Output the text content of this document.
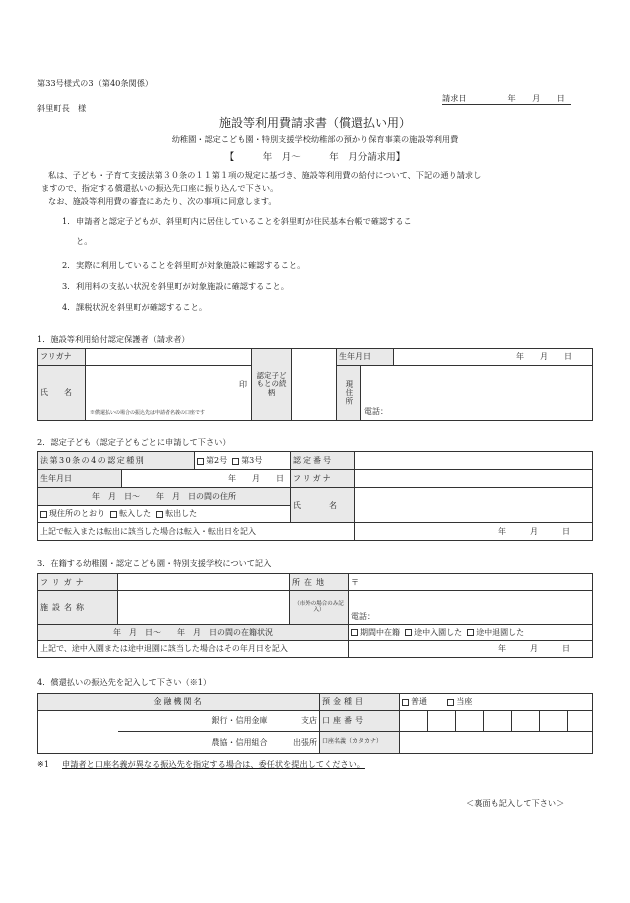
第33号様式の3（第40条関係）
請求日　　　　　年　　月　　日
斜里町長　様
施設等利用費請求書（償還払い用）
幼稚園・認定こども園・特別支援学校幼稚部の預かり保育事業の施設等利用費
【　　　年　月～　　　年　月分請求用】
私は、子ども・子育て支援法第３０条の１１第１項の規定に基づき、施設等利用費の給付について、下記の通り請求し
ますので、指定する償還払いの振込先口座に振り込んで下さい。
なお、施設等利用費の審査にあたり、次の事項に同意します。
1． 申請者と認定子どもが、斜里町内に居住していることを斜里町が住民基本台帳で確認するこ
と。
2． 実際に利用していることを斜里町が対象施設に確認すること。
3． 利用料の支払い状況を斜里町が対象施設に確認すること。
4． 課税状況を斜里町が確認すること。
1．施設等利用給付認定保護者（請求者）
フリガナ		認定子どもとの続柄		生年月日		年　　月　　日
氏　　名	印
※償還払いの場合の振込先は申請者名義の口座です			現住所	電話：	
2．認定子ども（認定子どもごとに申請して下さい）
法第30条の4の認定種別		第2号 第3号	認定番号	
生年月日	年　　月　　日		フリガナ	
年　月　日～　　年　月　日の間の住所			氏　　名	
現住所のとおり 転入した 転出した				
上記で転入または転出に該当した場合は転入・転出日を記入				年　　　月　　　日
3．在籍する幼稚園・認定こども園・特別支援学校について記入
フリガナ		所在地	〒
施設名称		（市外の場合のみ記入）	電話：
年　月　日～　　年　月　日の間の在籍状況			期間中在籍 途中入園した 途中退園した
上記で、途中入園または途中退園に該当した場合はその年月日を記入			年　　　月　　　日
4．償還払いの振込先を記入して下さい（※1）
金融機関名			預金種目	普通 当座						
	銀行・信用金庫	支店	口座番号							
	農協・信用組合	出張所	口座名義（カタカナ）							
※1 申請者と口座名義が異なる振込先を指定する場合は、委任状を提出してください。
＜裏面も記入して下さい＞
